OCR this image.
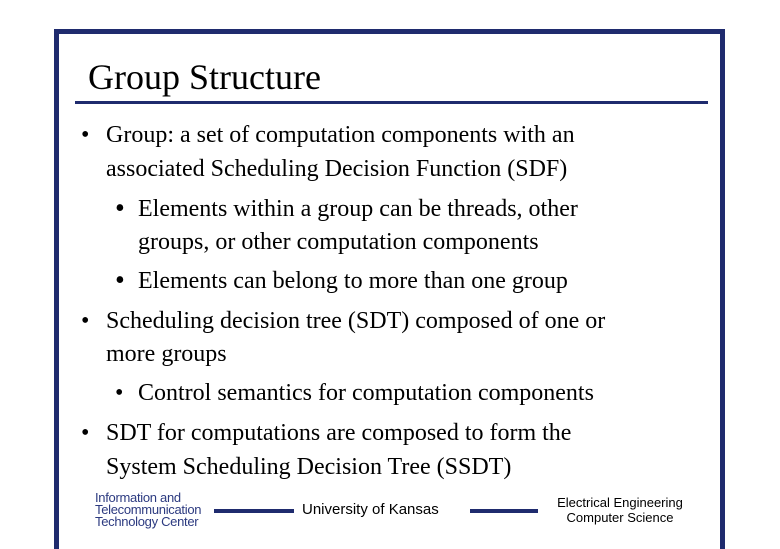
Group Structure
• Group: a set of computation components with an
associated Scheduling Decision Function (SDF)
• Elements within a group can be threads, other
groups, or other computation components
• Elements can belong to more than one group
• Scheduling decision tree (SDT) composed of one or
more groups
• Control semantics for computation components
• SDT for computations are composed to form the
System Scheduling Decision Tree (SSDT)
Information and
Telecommunication
Technology Center
University of Kansas	Electrical Engineering
Computer Science
